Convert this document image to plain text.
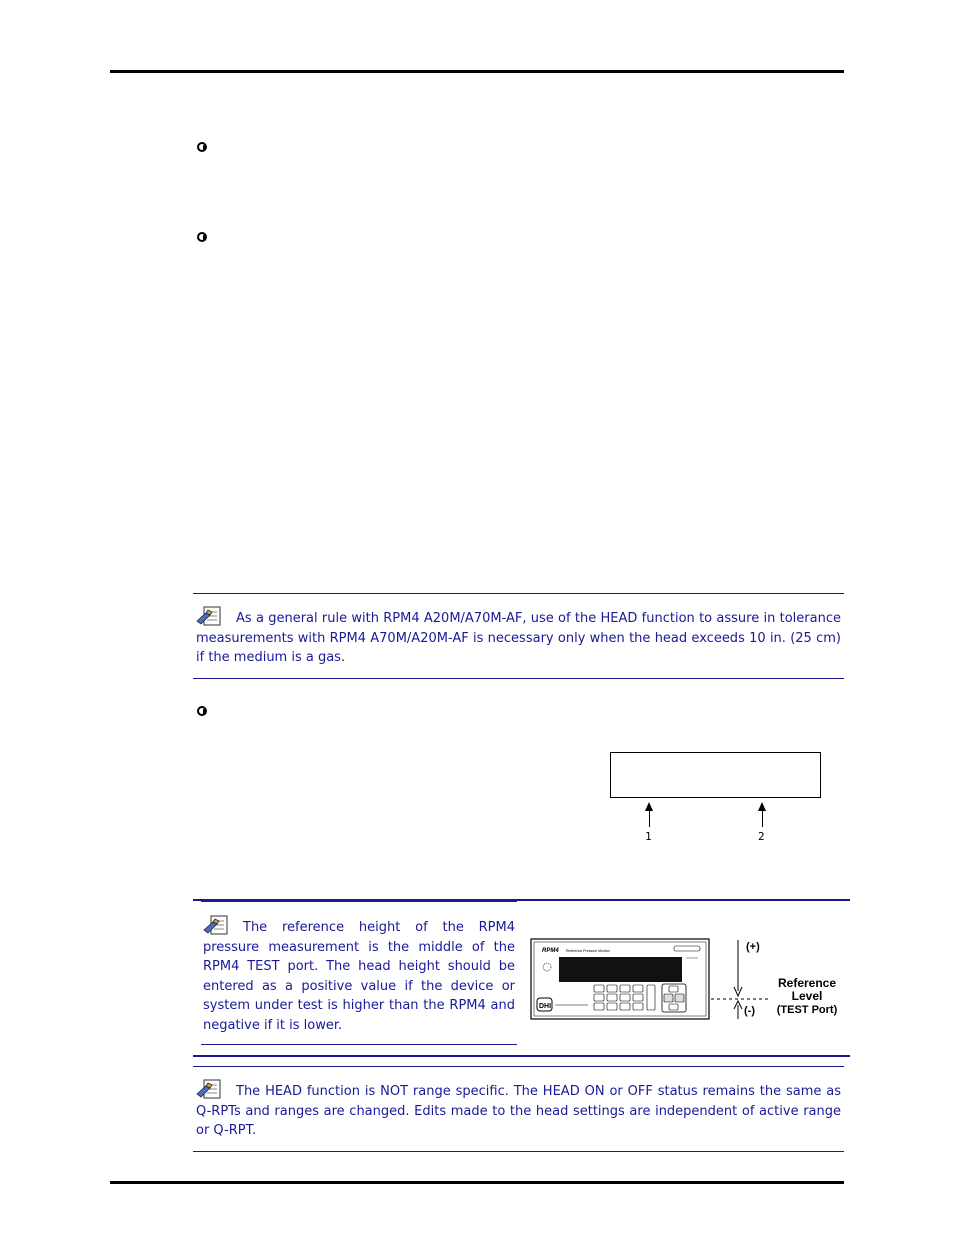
As a general rule with RPM4 A20M/A70M-AF, use of the HEAD function to assure in tolerance measurements with RPM4 A70M/A20M-AF is necessary only when the head exceeds 10 in. (25 cm) if the medium is a gas.

1	2

The reference height of the RPM4 pressure measurement is the middle of the RPM4 TEST port. The head height should be entered as a positive value if the device or system under test is higher than the RPM4 and negative if it is lower.

RPM4 Reference Pressure Monitor
DHI
(+)
(-)
Reference
Level
(TEST Port)

The HEAD function is NOT range specific. The HEAD ON or OFF status remains the same as Q-RPTs and ranges are changed. Edits made to the head settings are independent of active range or Q-RPT.
